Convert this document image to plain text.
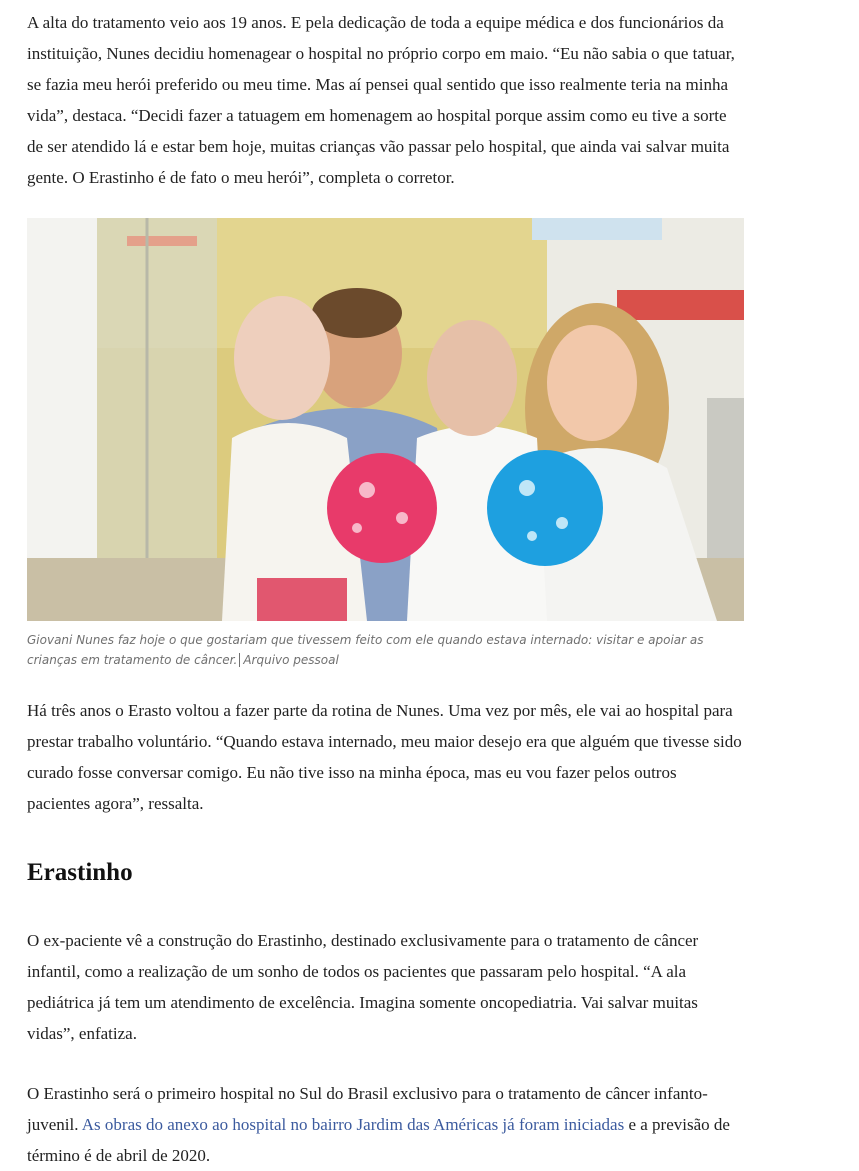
A alta do tratamento veio aos 19 anos. E pela dedicação de toda a equipe médica e dos funcionários da instituição, Nunes decidiu homenagear o hospital no próprio corpo em maio. “Eu não sabia o que tatuar, se fazia meu herói preferido ou meu time. Mas aí pensei qual sentido que isso realmente teria na minha vida”, destaca. “Decidi fazer a tatuagem em homenagem ao hospital porque assim como eu tive a sorte de ser atendido lá e estar bem hoje, muitas crianças vão passar pelo hospital, que ainda vai salvar muita gente. O Erastinho é de fato o meu herói”, completa o corretor.

Giovani Nunes faz hoje o que gostariam que tivessem feito com ele quando estava internado: visitar e apoiar as crianças em tratamento de câncer. Arquivo pessoal

Há três anos o Erasto voltou a fazer parte da rotina de Nunes. Uma vez por mês, ele vai ao hospital para prestar trabalho voluntário. “Quando estava internado, meu maior desejo era que alguém que tivesse sido curado fosse conversar comigo. Eu não tive isso na minha época, mas eu vou fazer pelos outros pacientes agora”, ressalta.

Erastinho

O ex-paciente vê a construção do Erastinho, destinado exclusivamente para o tratamento de câncer infantil, como a realização de um sonho de todos os pacientes que passaram pelo hospital. “A ala pediátrica já tem um atendimento de excelência. Imagina somente oncopediatria. Vai salvar muitas vidas”, enfatiza.

O Erastinho será o primeiro hospital no Sul do Brasil exclusivo para o tratamento de câncer infanto-juvenil. As obras do anexo ao hospital no bairro Jardim das Américas já foram iniciadas e a previsão de término é de abril de 2020.
